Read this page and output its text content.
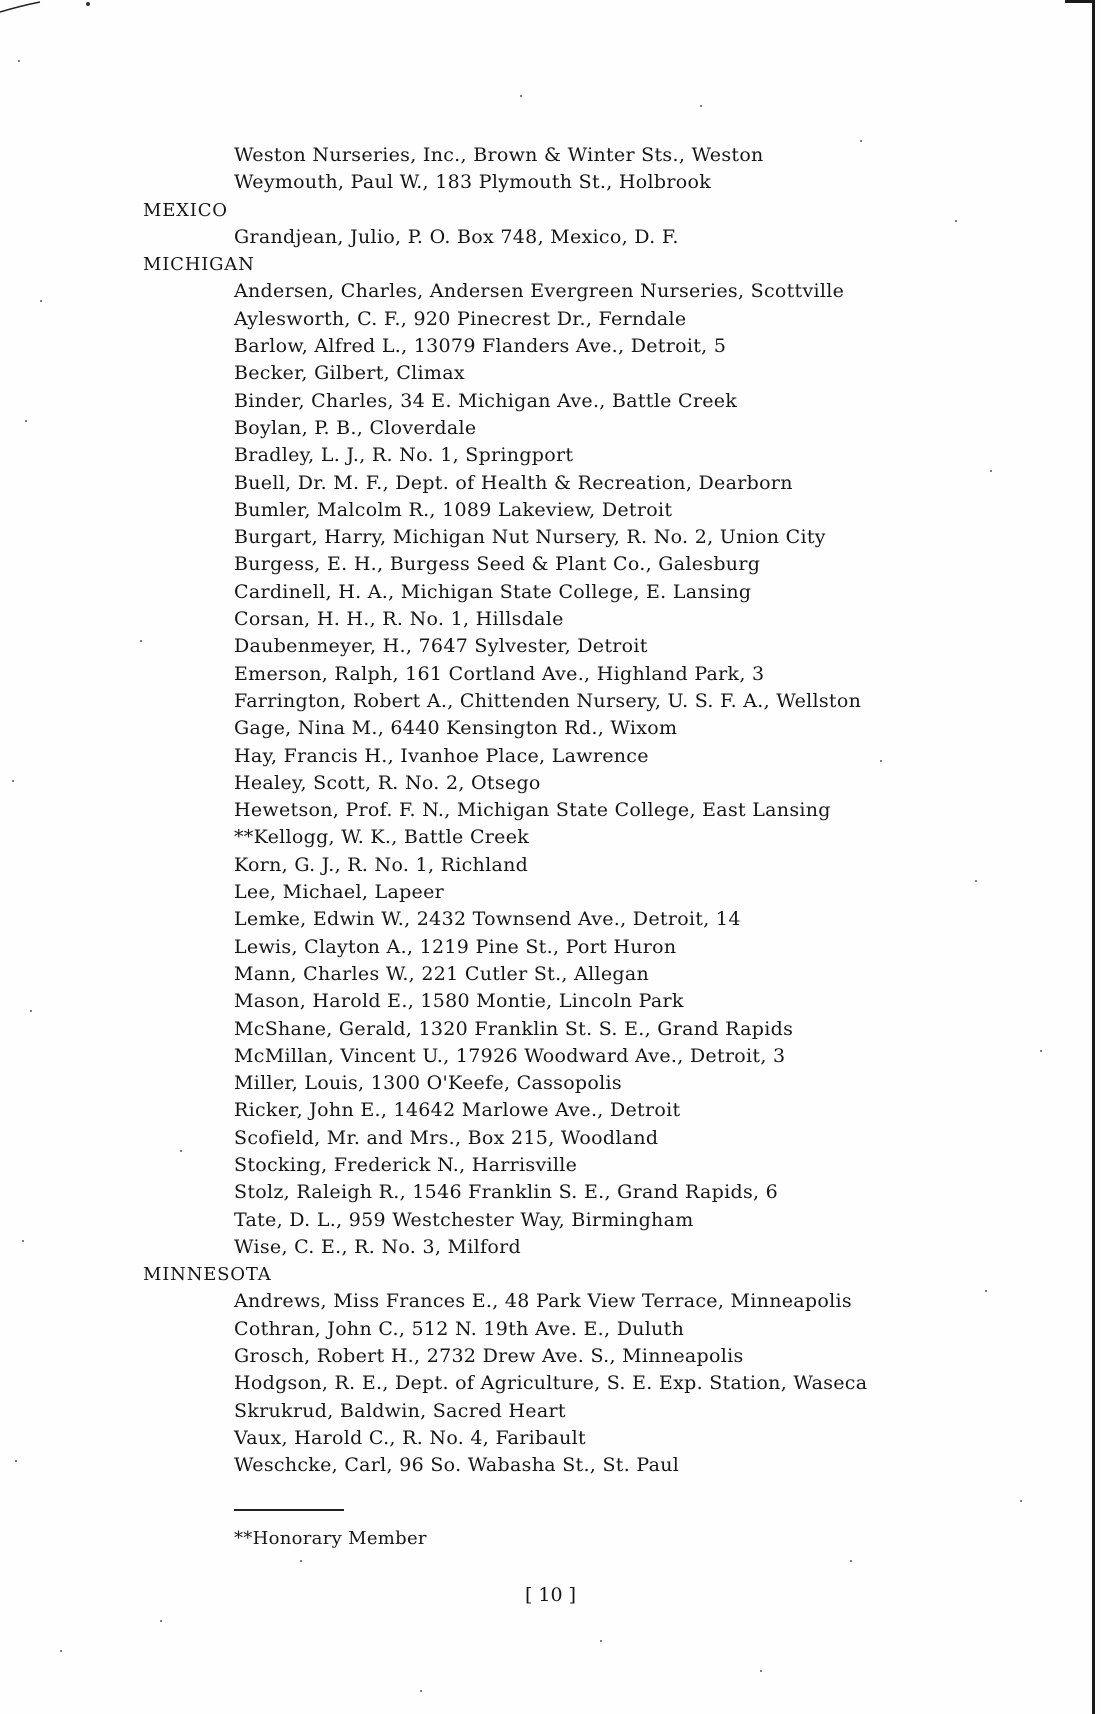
Weston Nurseries, Inc., Brown & Winter Sts., Weston
Weymouth, Paul W., 183 Plymouth St., Holbrook
MEXICO
Grandjean, Julio, P. O. Box 748, Mexico, D. F.
MICHIGAN
Andersen, Charles, Andersen Evergreen Nurseries, Scottville
Aylesworth, C. F., 920 Pinecrest Dr., Ferndale
Barlow, Alfred L., 13079 Flanders Ave., Detroit, 5
Becker, Gilbert, Climax
Binder, Charles, 34 E. Michigan Ave., Battle Creek
Boylan, P. B., Cloverdale
Bradley, L. J., R. No. 1, Springport
Buell, Dr. M. F., Dept. of Health & Recreation, Dearborn
Bumler, Malcolm R., 1089 Lakeview, Detroit
Burgart, Harry, Michigan Nut Nursery, R. No. 2, Union City
Burgess, E. H., Burgess Seed & Plant Co., Galesburg
Cardinell, H. A., Michigan State College, E. Lansing
Corsan, H. H., R. No. 1, Hillsdale
Daubenmeyer, H., 7647 Sylvester, Detroit
Emerson, Ralph, 161 Cortland Ave., Highland Park, 3
Farrington, Robert A., Chittenden Nursery, U. S. F. A., Wellston
Gage, Nina M., 6440 Kensington Rd., Wixom
Hay, Francis H., Ivanhoe Place, Lawrence
Healey, Scott, R. No. 2, Otsego
Hewetson, Prof. F. N., Michigan State College, East Lansing
**Kellogg, W. K., Battle Creek
Korn, G. J., R. No. 1, Richland
Lee, Michael, Lapeer
Lemke, Edwin W., 2432 Townsend Ave., Detroit, 14
Lewis, Clayton A., 1219 Pine St., Port Huron
Mann, Charles W., 221 Cutler St., Allegan
Mason, Harold E., 1580 Montie, Lincoln Park
McShane, Gerald, 1320 Franklin St. S. E., Grand Rapids
McMillan, Vincent U., 17926 Woodward Ave., Detroit, 3
Miller, Louis, 1300 O'Keefe, Cassopolis
Ricker, John E., 14642 Marlowe Ave., Detroit
Scofield, Mr. and Mrs., Box 215, Woodland
Stocking, Frederick N., Harrisville
Stolz, Raleigh R., 1546 Franklin S. E., Grand Rapids, 6
Tate, D. L., 959 Westchester Way, Birmingham
Wise, C. E., R. No. 3, Milford
MINNESOTA
Andrews, Miss Frances E., 48 Park View Terrace, Minneapolis
Cothran, John C., 512 N. 19th Ave. E., Duluth
Grosch, Robert H., 2732 Drew Ave. S., Minneapolis
Hodgson, R. E., Dept. of Agriculture, S. E. Exp. Station, Waseca
Skrukrud, Baldwin, Sacred Heart
Vaux, Harold C., R. No. 4, Faribault
Weschcke, Carl, 96 So. Wabasha St., St. Paul
**Honorary Member
[ 10 ]
